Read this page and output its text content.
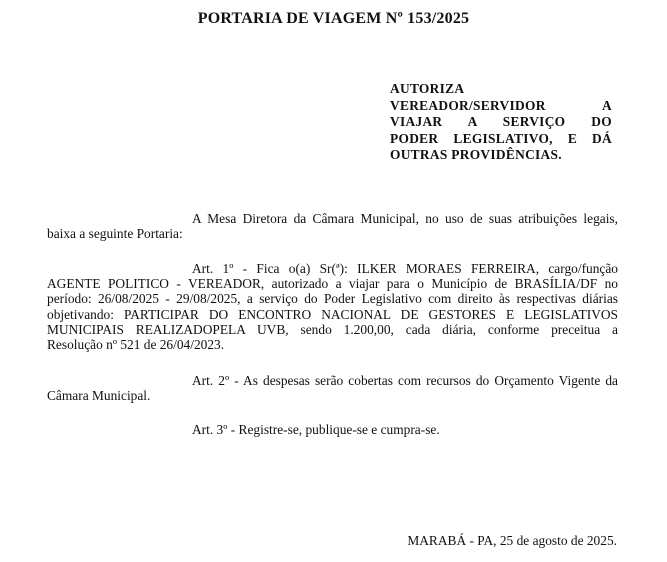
PORTARIA DE VIAGEM Nº 153/2025
AUTORIZA
VEREADOR/SERVIDOR A
VIAJAR A SERVIÇO DO
PODER LEGISLATIVO, E DÁ
OUTRAS PROVIDÊNCIAS.
A Mesa Diretora da Câmara Municipal, no uso de suas atribuições legais,
baixa a seguinte Portaria:
Art. 1º - Fica o(a) Sr(ª): ILKER MORAES FERREIRA, cargo/função
AGENTE POLITICO - VEREADOR, autorizado a viajar para o Município de BRASÍLIA/DF no
período: 26/08/2025 - 29/08/2025, a serviço do Poder Legislativo com direito às respectivas diárias
objetivando: PARTICIPAR DO ENCONTRO NACIONAL DE GESTORES E LEGISLATIVOS
MUNICIPAIS REALIZADOPELA UVB, sendo 1.200,00, cada diária, conforme preceitua a
Resolução nº 521 de 26/04/2023.
Art. 2º - As despesas serão cobertas com recursos do Orçamento Vigente da
Câmara Municipal.
Art. 3º - Registre-se, publique-se e cumpra-se.
MARABÁ - PA, 25 de agosto de 2025.
